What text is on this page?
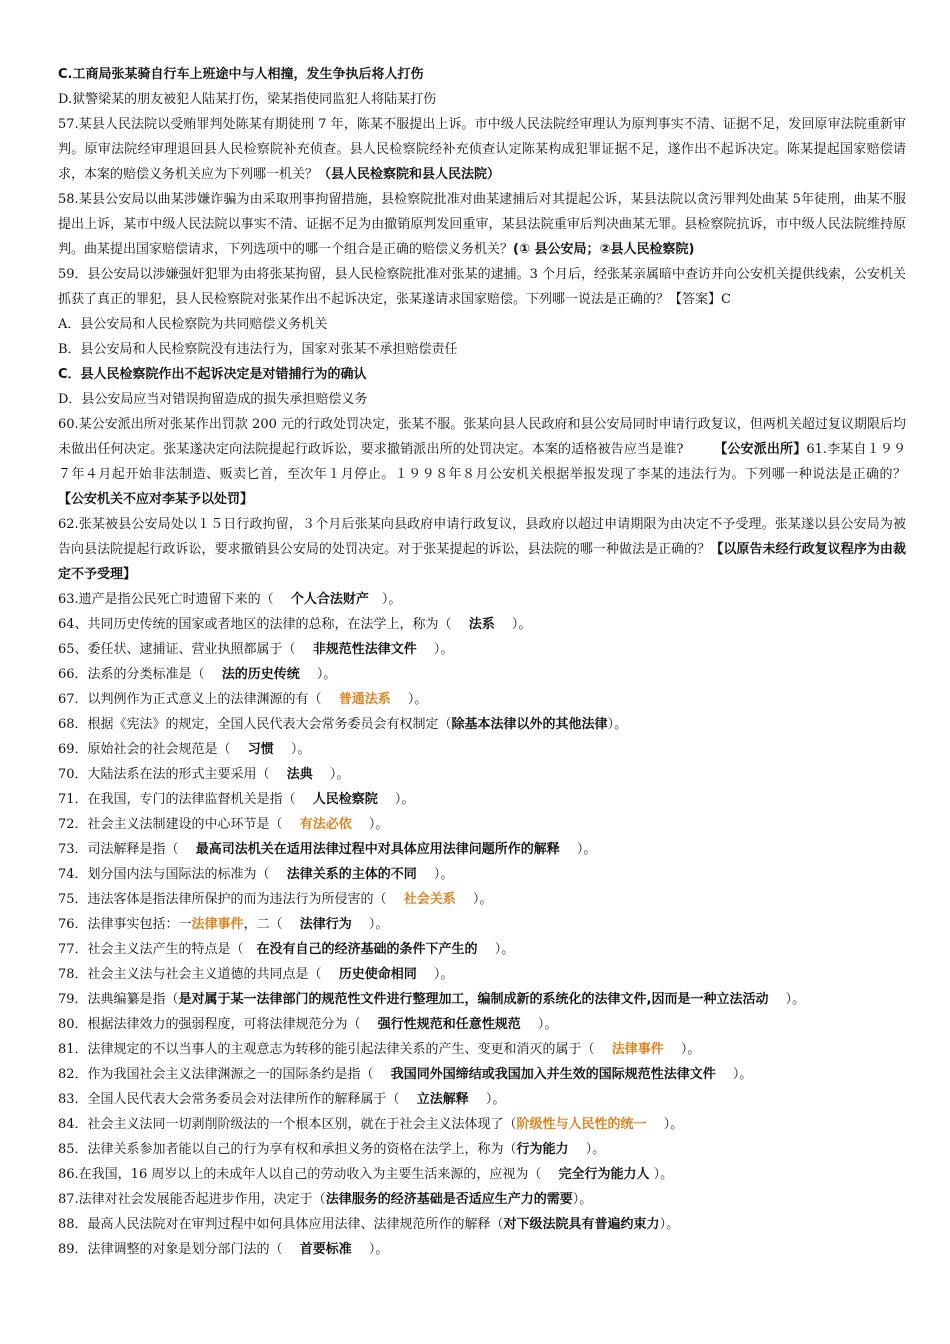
C.工商局张某骑自行车上班途中与人相撞，发生争执后将人打伤
D.狱警梁某的朋友被犯人陆某打伤，梁某指使同监犯人将陆某打伤
57.某县人民法院以受贿罪判处陈某有期徒刑 7 年，陈某不服提出上诉。市中级人民法院经审理认为原判事实不清、证据不足，发回原审法院重新审判。原审法院经审理退回县人民检察院补充侦查。县人民检察院经补充侦查认定陈某构成犯罪证据不足，遂作出不起诉决定。陈某提起国家赔偿请求，本案的赔偿义务机关应为下列哪一机关？（县人民检察院和县人民法院）
58.某县公安局以曲某涉嫌诈骗为由采取刑事拘留措施，县检察院批准对曲某逮捕后对其提起公诉，某县法院以贪污罪判处曲某 5年徒刑，曲某不服提出上诉，某市中级人民法院以事实不清、证据不足为由撤销原判发回重审，某县法院重审后判决曲某无罪。县检察院抗诉，市中级人民法院维持原判。曲某提出国家赔偿请求，下列选项中的哪一个组合是正确的赔偿义务机关？(① 县公安局；②县人民检察院)
59．县公安局以涉嫌强奸犯罪为由将张某拘留，县人民检察院批准对张某的逮捕。3 个月后，经张某亲属暗中查访并向公安机关提供线索，公安机关抓获了真正的罪犯，县人民检察院对张某作出不起诉决定，张某遂请求国家赔偿。下列哪一说法是正确的？【答案】C
A．县公安局和人民检察院为共同赔偿义务机关
B．县公安局和人民检察院没有违法行为，国家对张某不承担赔偿责任
C．县人民检察院作出不起诉决定是对错捕行为的确认
D．县公安局应当对错误拘留造成的损失承担赔偿义务
60.某公安派出所对张某作出罚款 200 元的行政处罚决定，张某不服。张某向县人民政府和县公安局同时申请行政复议，但两机关超过复议期限后均未做出任何决定。张某遂决定向法院提起行政诉讼，要求撤销派出所的处罚决定。本案的适格被告应当是谁?　　 【公安派出所】61.李某自１９９７年４月起开始非法制造、贩卖匕首，至次年１月停止。１９９８年８月公安机关根据举报发现了李某的违法行为。下列哪一种说法是正确的？　【公安机关不应对李某予以处罚】
62.张某被县公安局处以１５日行政拘留，３个月后张某向县政府申请行政复议，县政府以超过申请期限为由决定不予受理。张某遂以县公安局为被告向县法院提起行政诉讼，要求撤销县公安局的处罚决定。对于张某提起的诉讼，县法院的哪一种做法是正确的？【以原告未经行政复议程序为由裁定不予受理】
63.遗产是指公民死亡时遗留下来的（　 个人合法财产　）。
64、共同历史传统的国家或者地区的法律的总称，在法学上，称为（　 法系　 ）。
65、委任状、逮捕证、营业执照都属于（　 非规范性法律文件　 ）。
66．法系的分类标准是（　 法的历史传统　 ）。
67．以判例作为正式意义上的法律渊源的有（　 普通法系　 ）。
68．根据《宪法》的规定，全国人民代表大会常务委员会有权制定（除基本法律以外的其他法律）。
69．原始社会的社会规范是（　 习惯　 ）。
70．大陆法系在法的形式主要采用（　 法典　 ）。
71．在我国，专门的法律监督机关是指（　 人民检察院　 ）。
72．社会主义法制建设的中心环节是（　 有法必依　 ）。
73．司法解释是指（　 最高司法机关在适用法律过程中对具体应用法律问题所作的解释　 ）。
74．划分国内法与国际法的标准为（　 法律关系的主体的不同　 ）。
75．违法客体是指法律所保护的而为违法行为所侵害的（　 社会关系　 ）。
76．法律事实包括：一法律事件，二（　 法律行为　 ）。
77．社会主义法产生的特点是（　在没有自己的经济基础的条件下产生的　 ）。
78．社会主义法与社会主义道德的共同点是（　 历史使命相同　 ）。
79．法典编纂是指（是对属于某一法律部门的规范性文件进行整理加工，编制成新的系统化的法律文件,因而是一种立法活动　 ）。
80．根据法律效力的强弱程度，可将法律规范分为（　 强行性规范和任意性规范　 ）。
81．法律规定的不以当事人的主观意志为转移的能引起法律关系的产生、变更和消灭的属于（　 法律事件　 ）。
82．作为我国社会主义法律渊源之一的国际条约是指（　 我国同外国缔结或我国加入并生效的国际规范性法律文件　 ）。
83．全国人民代表大会常务委员会对法律所作的解释属于（　 立法解释　 ）。
84．社会主义法同一切剥削阶级法的一个根本区别，就在于社会主义法体现了（阶级性与人民性的统一　 ）。
85．法律关系参加者能以自己的行为享有权和承担义务的资格在法学上，称为（行为能力　 ）。
86.在我国，16 周岁以上的未成年人以自己的劳动收入为主要生活来源的，应视为（　 完全行为能力人 ）。
87.法律对社会发展能否起进步作用，决定于（法律服务的经济基础是否适应生产力的需要）。
88．最高人民法院对在审判过程中如何具体应用法律、法律规范所作的解释（对下级法院具有普遍约束力）。
89．法律调整的对象是划分部门法的（　 首要标准　 ）。
